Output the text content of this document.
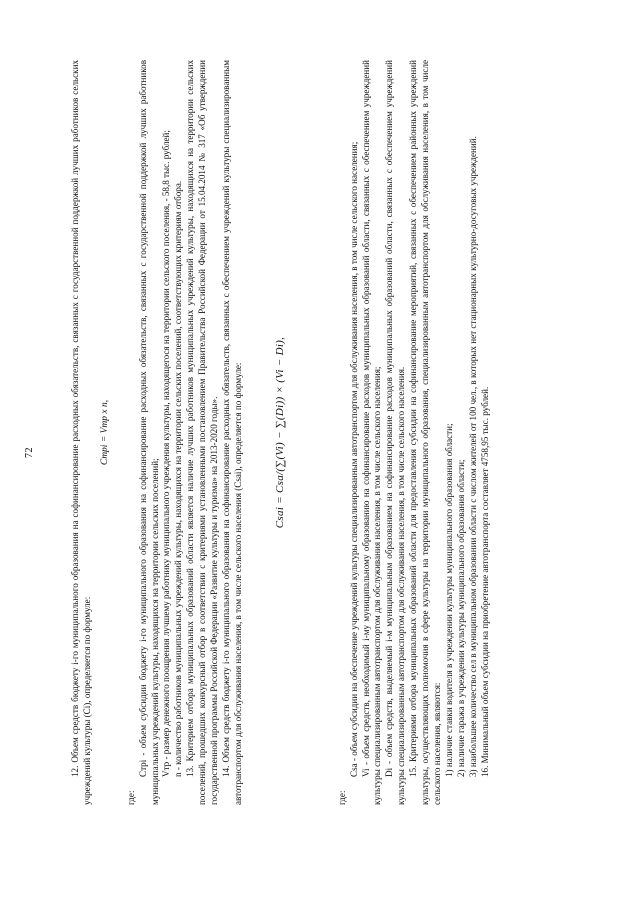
72	12. Объем средств бюджету i-го муниципального образования на софинансирование расходных обязательств, связанных с государственной поддержкой лучших работников сельских учреждений культуры (Ci), определяется по формуле:

Cтрi = Vтр x n,

где:

Cтрi - объем субсидии бюджету i-го муниципального образования на софинансирование расходных обязательств, связанных с государственной поддержкой лучших работников муниципальных учреждений культуры, находящихся на территории сельских поселений; Vтр - размер денежного поощрения лучшему работнику муниципального учреждения культуры, находящегося на территории сельского поселения, - 58,8 тыс. рублей; n - количество работников муниципальных учреждений культуры, находящихся на территории сельских поселений, соответствующих критериям отбора. 13. Критерием отбора муниципальных образований области является наличие лучших работников муниципальных учреждений культуры, находящихся на территории сельских поселений, прошедших конкурсный отбор в соответствии с критериями установленными постановлением Правительства Российской Федерации от 15.04.2014 № 317 «Об утверждении государственной программы Российской Федерации «Развитие культуры и туризма» на 2013-2020 годы». 14. Объем средств бюджету i-го муниципального образования на софинансирование расходных обязательств, связанных с обеспечением учреждений культуры специализированным автотранспортом для обслуживания населения, в том числе сельского населения (Csai), определяется по формуле:	Csai = Csa/(∑(Vi) − ∑(Di)) × (Vi − Di),

где:

Csa - объем субсидии на обеспечение учреждений культуры специализированным автотранспортом для обслуживания населения, в том числе сельского населения; Vi - объем средств, необходимый i-му муниципальному образованию на софинансирование расходов муниципальных образований области, связанных с обеспечением учреждений культуры специализированным автотранспортом для обслуживания населения, в том числе сельского населения; Di - объем средств, выделяемый i-м муниципальным образованием на софинансирование расходов муниципальных образований области, связанных с обеспечением учреждений культуры специализированным автотранспортом для обслуживания населения, в том числе сельского населения. 15. Критериями отбора муниципальных образований области для предоставления субсидии на софинансирование мероприятий, связанных с обеспечением районных учреждений культуры, осуществляющих полномочия в сфере культуры на территории муниципального образования, специализированным автотранспортом для обслуживания населения, в том числе сельского населения, являются: 1) наличие ставки водителя в учреждении культуры муниципального образования области; 2) наличие гаража в учреждении культуры муниципального образования области; 3) наибольшее количество сел в муниципальном образовании области с числом жителей от 100 чел., в которых нет стационарных культурно-досуговых учреждений. 16. Минимальный объем субсидии на приобретение автотранспорта составляет 4758,95 тыс. рублей.
